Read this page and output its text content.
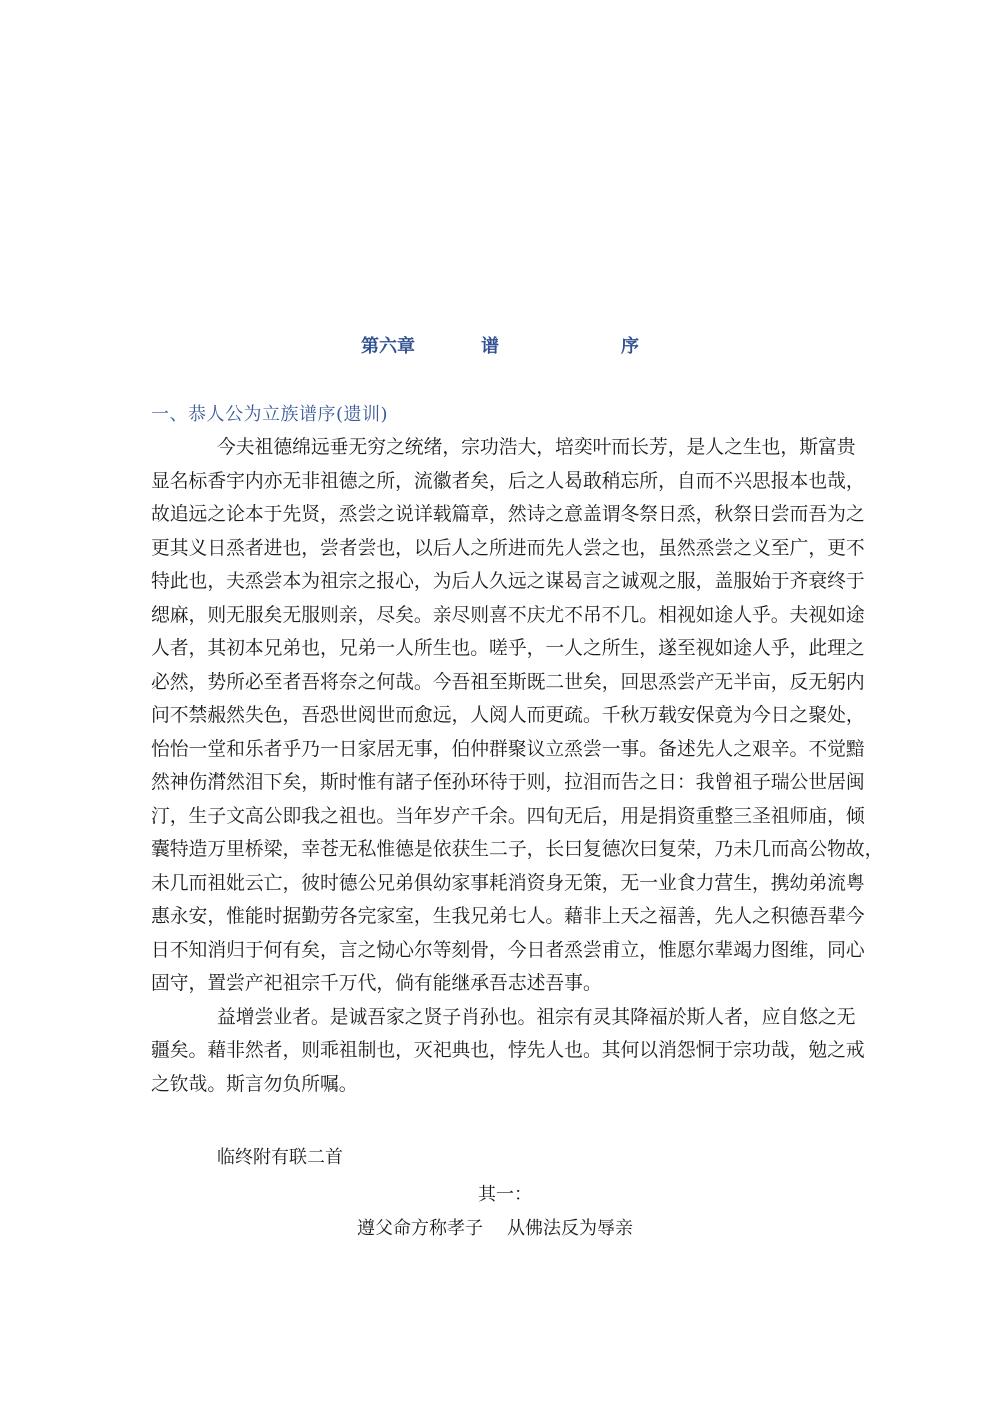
第六章	谱	序
一、恭人公为立族谱序(遗训)
今夫祖德绵远垂无穷之统绪，宗功浩大，培奕叶而长芳，是人之生也，斯富贵
显名标香宇内亦无非祖德之所，流徽者矣，后之人曷敢稍忘所，自而不兴思报本也哉，
故追远之论本于先贤，烝尝之说详载篇章，然诗之意盖谓冬祭日烝，秋祭日尝而吾为之
更其义日烝者进也，尝者尝也，以后人之所进而先人尝之也，虽然烝尝之义至广，更不
特此也，夫烝尝本为祖宗之报心，为后人久远之谋曷言之诚观之服，盖服始于齐衰终于
缌麻，则无服矣无服则亲，尽矣。亲尽则喜不庆尤不吊不几。相视如途人乎。夫视如途
人者，其初本兄弟也，兄弟一人所生也。嗟乎，一人之所生，遂至视如途人乎，此理之
必然，势所必至者吾将奈之何哉。今吾祖至斯既二世矣，回思烝尝产无半亩，反无躬内
问不禁赧然失色，吾恐世阅世而愈远，人阅人而更疏。千秋万载安保竟为今日之聚处，
怡怡一堂和乐者乎乃一日家居无事，伯仲群聚议立烝尝一事。备述先人之艰辛。不觉黯
然神伤潸然泪下矣，斯时惟有諸子侄孙环待于则，拉泪而告之日：我曾祖子瑞公世居闽
汀，生子文高公即我之祖也。当年岁产千余。四旬无后，用是捐资重整三圣祖师庙，倾
囊特造万里桥梁，幸苍无私惟德是依获生二子，长曰复德次曰复荣，乃未几而高公物故，
未几而祖妣云亡，彼时德公兄弟俱幼家事耗消资身无策，无一业食力营生，携幼弟流粤
惠永安，惟能时据勤劳各完家室，生我兄弟七人。藉非上天之福善，先人之积德吾辈今
日不知消归于何有矣，言之恸心尔等刻骨，今日者烝尝甫立，惟愿尔辈竭力图维，同心
固守，置尝产祀祖宗千万代，倘有能继承吾志述吾事。
益增尝业者。是诚吾家之贤子肖孙也。祖宗有灵其降福於斯人者，应自悠之无
疆矣。藉非然者，则乖祖制也，灭祀典也，悖先人也。其何以消怨恫于宗功哉，勉之戒
之钦哉。斯言勿负所嘱。
临终附有联二首
其一：
遵父命方称孝子 从佛法反为辱亲
